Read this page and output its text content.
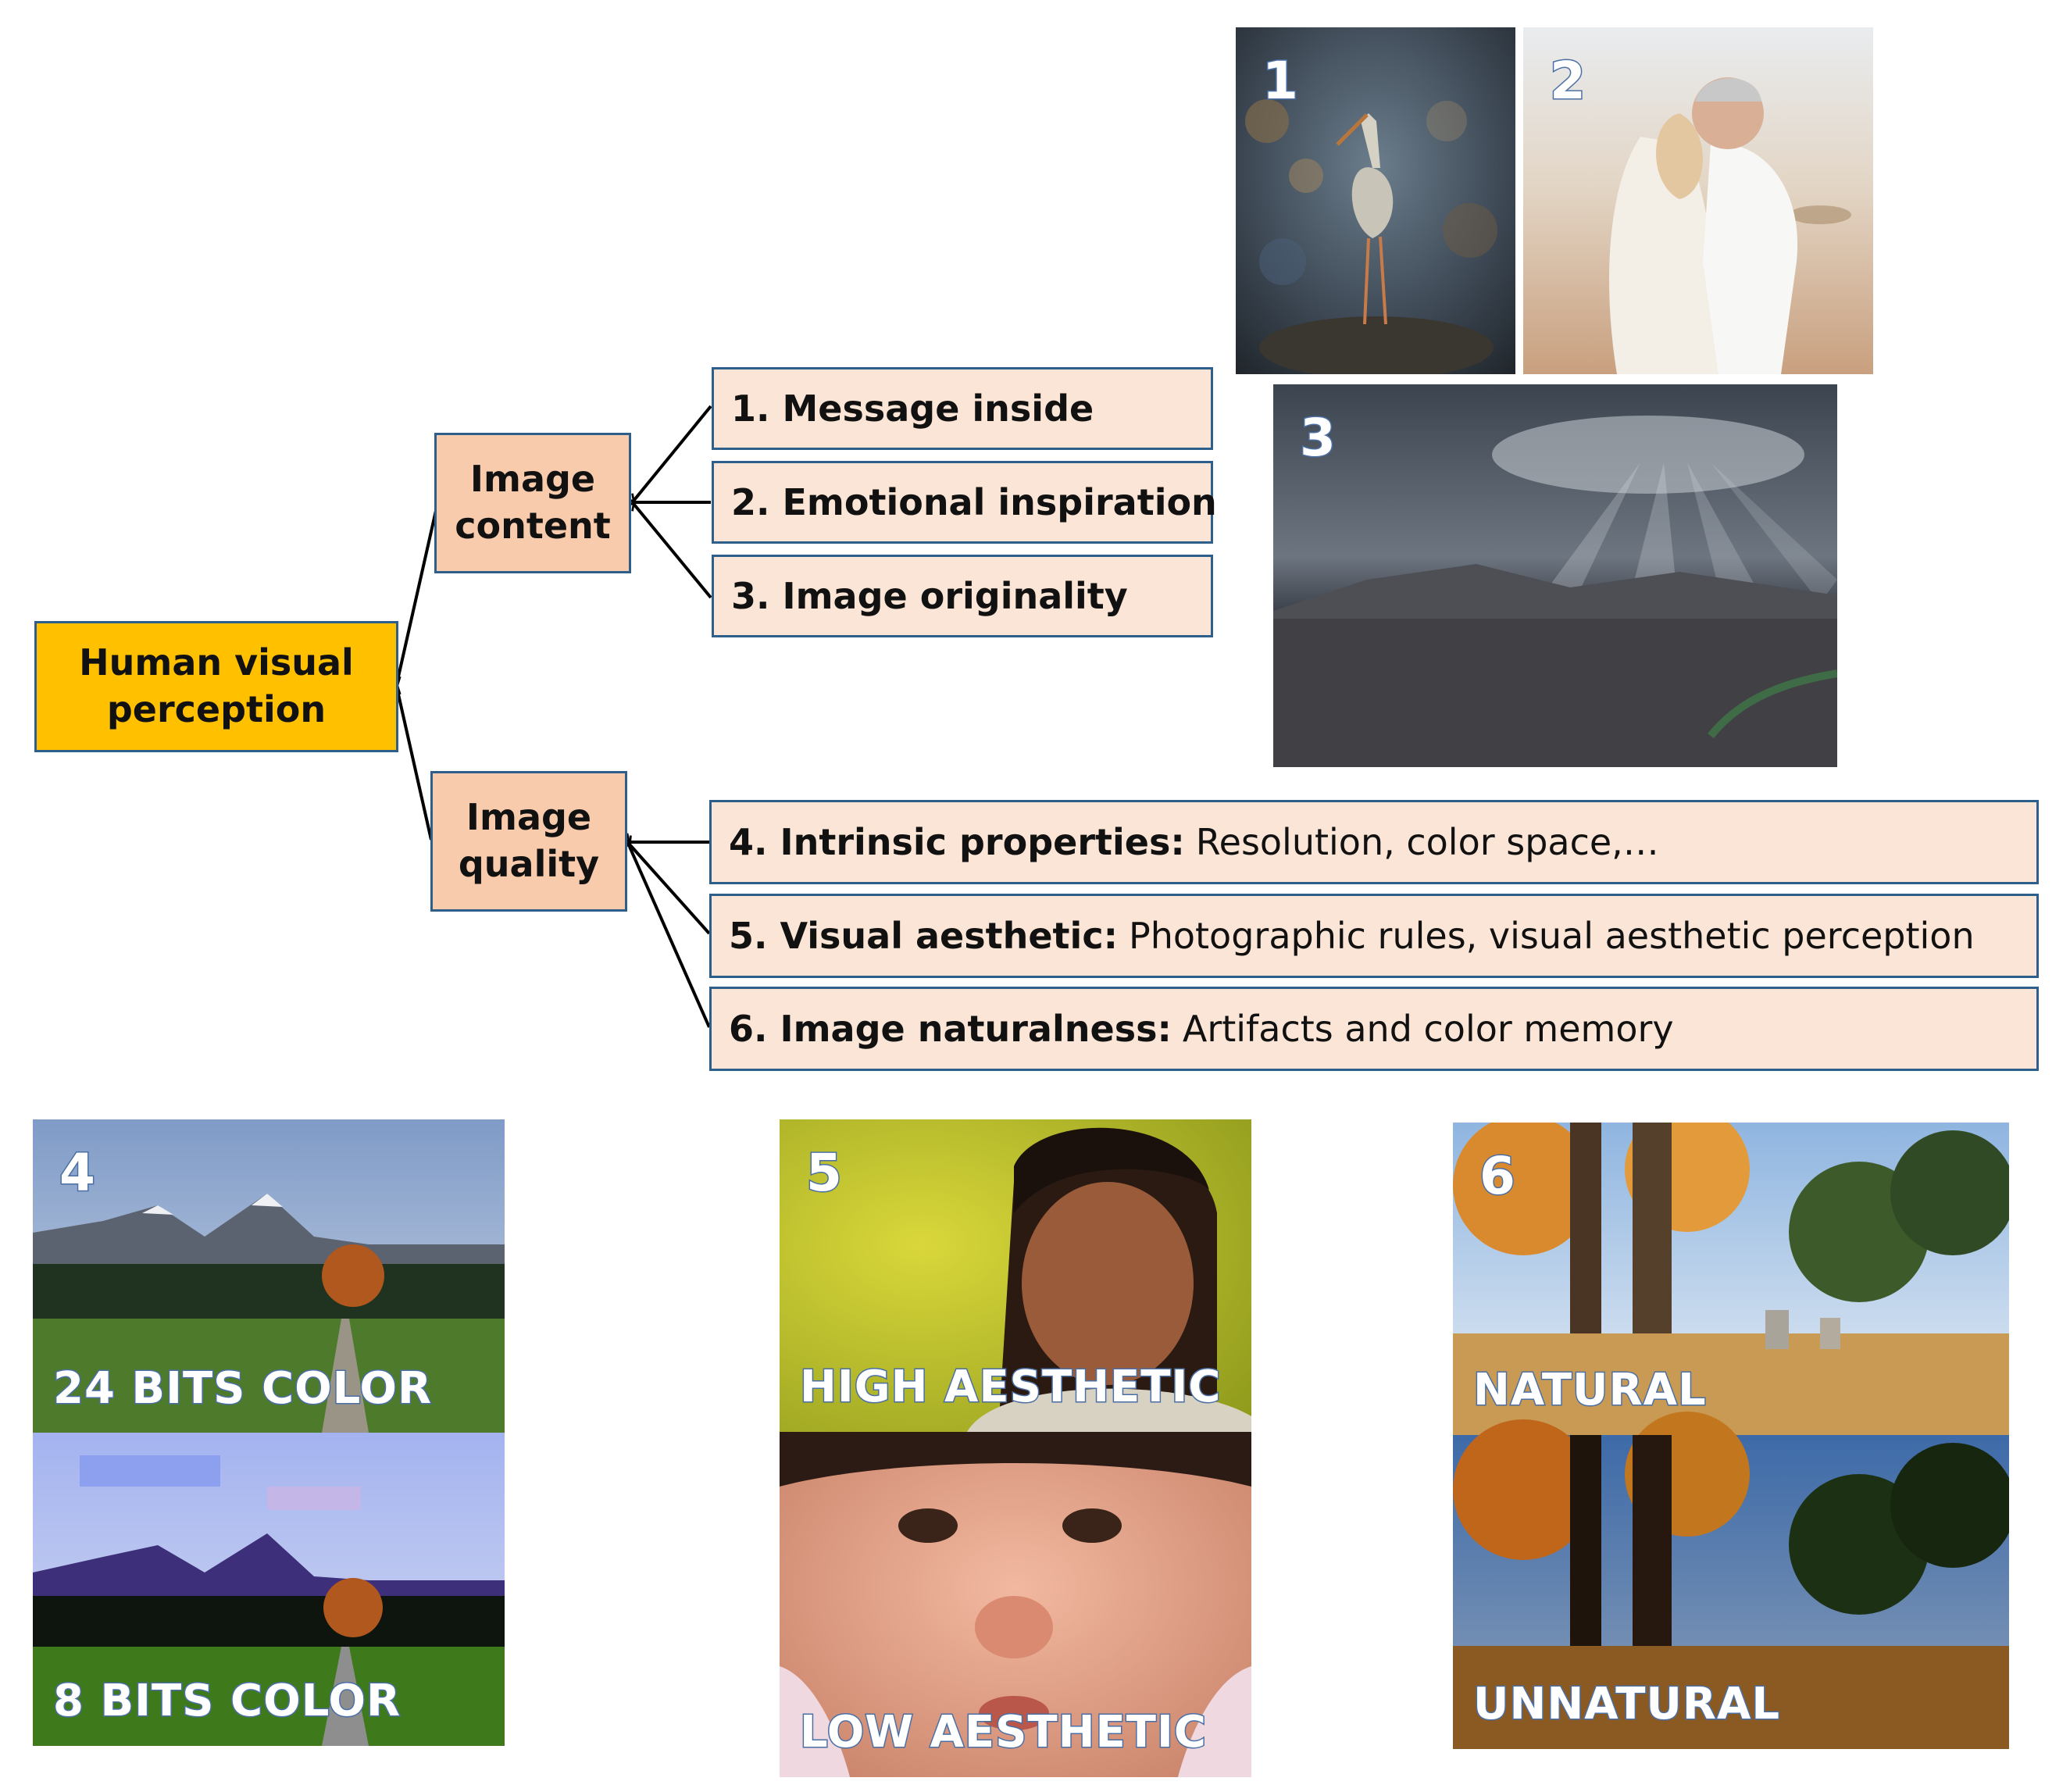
Human visual perception
Image content
Image quality
1. Message inside
2. Emotional inspiration
3. Image originality
4. Intrinsic properties: Resolution, color space,…
5. Visual aesthetic: Photographic rules, visual aesthetic perception
6. Image naturalness: Artifacts and color memory
1	2
3
4
24 BITS COLOR
8 BITS COLOR
5
HIGH AESTHETIC
LOW AESTHETIC
6
NATURAL
UNNATURAL
